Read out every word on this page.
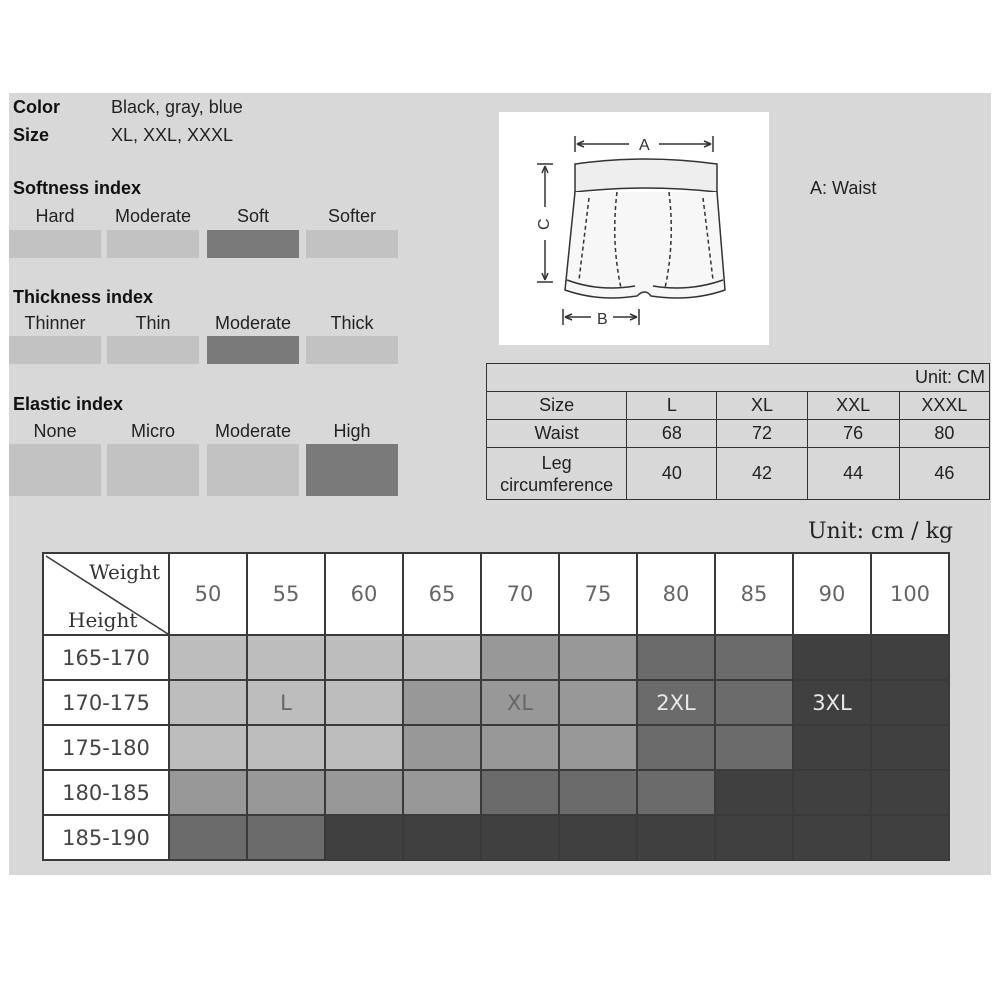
Color	Black, gray, blue
Size	XL, XXL, XXXL
Softness index
Hard	Moderate	Soft	Softer
Thickness index
Thinner	Thin	Moderate	Thick
Elastic index
None	Micro	Moderate	High
A
B
C
A: Waist
Unit: CM				
Size	L	XL	XXL	XXXL
Waist	68	72	76	80
Leg circumference	40	42	44	46
Unit: cm / kg
Weight
Height	50	55	60	65	70	75	80	85	90	100
165-170										
170-175		L			XL		2XL		3XL	
175-180										
180-185										
185-190										
